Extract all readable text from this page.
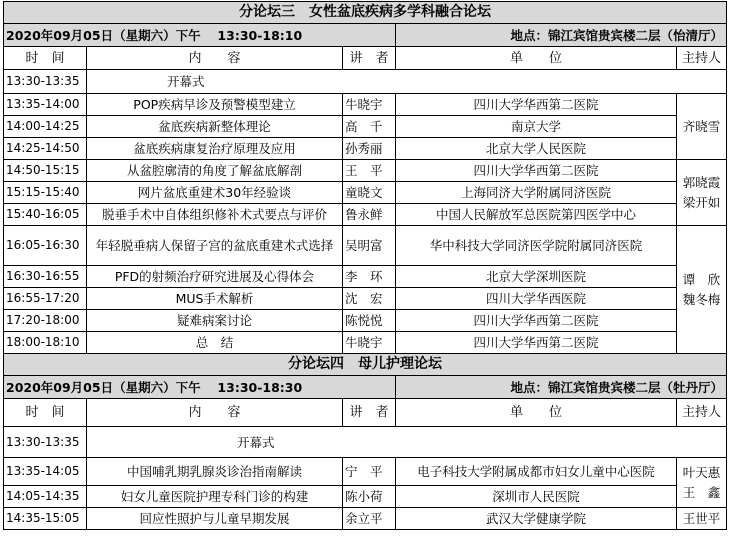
分论坛三　女性盆底疾病多学科融合论坛				
2020年09月05日（星期六）下午　 13:30-18:10			地点：锦江宾馆贵宾楼二层（怡清厅）	
时　间	内　　容	讲　者	单　　位	主持人
13:30-13:35	开幕式			
13:35-14:00	POP疾病早诊及预警模型建立	牛晓宇	四川大学华西第二医院	齐晓雪
14:00-14:25	盆底疾病新整体理论	高　千	南京大学	
14:25-14:50	盆底疾病康复治疗原理及应用	孙秀丽	北京大学人民医院	
14:50-15:15	从盆腔廓清的角度了解盆底解剖	王　平	四川大学华西第二医院	郭晓霞
梁开如
15:15-15:40	网片盆底重建术30年经验谈	童晓文	上海同济大学附属同济医院	
15:40-16:05	脱垂手术中自体组织修补术式要点与评价	鲁永鲜	中国人民解放军总医院第四医学中心	
16:05-16:30	年轻脱垂病人保留子宫的盆底重建术式选择	吴明富	华中科技大学同济医学院附属同济医院	谭　欣
魏冬梅
16:30-16:55	PFD的射频治疗研究进展及心得体会	李　环	北京大学深圳医院	
16:55-17:20	MUS手术解析	沈　宏	四川大学华西医院	
17:20-18:00	疑难病案讨论	陈悦悦	四川大学华西第二医院	
18:00-18:10	总　结	牛晓宇	四川大学华西第二医院	
分论坛四　母儿护理论坛				
2020年09月05日（星期六）下午　 13:30-18:30			地点：锦江宾馆贵宾楼二层（牡丹厅）	
时　间	内　　容	讲　者	单　　位	主持人
13:30-13:35	开幕式			
13:35-14:05	中国哺乳期乳腺炎诊治指南解读	宁　平	电子科技大学附属成都市妇女儿童中心医院	叶天惠
王　鑫
14:05-14:35	妇女儿童医院护理专科门诊的构建	陈小荷	深圳市人民医院	
14:35-15:05	回应性照护与儿童早期发展	余立平	武汉大学健康学院	王世平
